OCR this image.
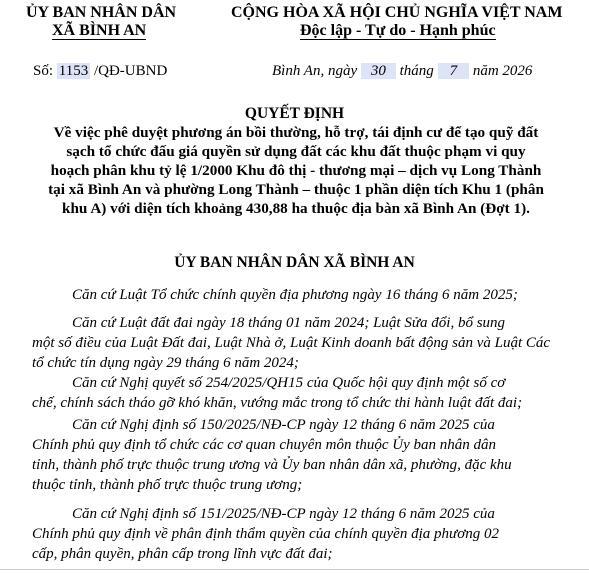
ỦY BAN NHÂN DÂN
XÃ BÌNH AN
CỘNG HÒA XÃ HỘI CHỦ NGHĨA VIỆT NAM
Độc lập - Tự do - Hạnh phúc
Số: 1153 /QĐ-UBND	Bình An, ngày 30 tháng 7 năm 2026
QUYẾT ĐỊNH
Về việc phê duyệt phương án bồi thường, hỗ trợ, tái định cư để tạo quỹ đất
sạch tổ chức đấu giá quyền sử dụng đất các khu đất thuộc phạm vi quy
hoạch phân khu tỷ lệ 1/2000 Khu đô thị - thương mại – dịch vụ Long Thành
tại xã Bình An và phường Long Thành – thuộc 1 phần diện tích Khu 1 (phân
khu A) với diện tích khoảng 430,88 ha thuộc địa bàn xã Bình An (Đợt 1).
ỦY BAN NHÂN DÂN XÃ BÌNH AN
Căn cứ Luật Tổ chức chính quyền địa phương ngày 16 tháng 6 năm 2025;
Căn cứ Luật đất đai ngày 18 tháng 01 năm 2024; Luật Sửa đổi, bổ sung
một số điều của Luật Đất đai, Luật Nhà ở, Luật Kinh doanh bất động sản và Luật Các
tổ chức tín dụng ngày 29 tháng 6 năm 2024;
Căn cứ Nghị quyết số 254/2025/QH15 của Quốc hội quy định một số cơ
chế, chính sách tháo gỡ khó khăn, vướng mắc trong tổ chức thi hành luật đất đai;
Căn cứ Nghị định số 150/2025/NĐ-CP ngày 12 tháng 6 năm 2025 của
Chính phủ quy định tổ chức các cơ quan chuyên môn thuộc Ủy ban nhân dân
tỉnh, thành phố trực thuộc trung ương và Ủy ban nhân dân xã, phường, đặc khu
thuộc tỉnh, thành phố trực thuộc trung ương;
Căn cứ Nghị định số 151/2025/NĐ-CP ngày 12 tháng 6 năm 2025 của
Chính phủ quy định về phân định thẩm quyền của chính quyền địa phương 02
cấp, phân quyền, phân cấp trong lĩnh vực đất đai;
